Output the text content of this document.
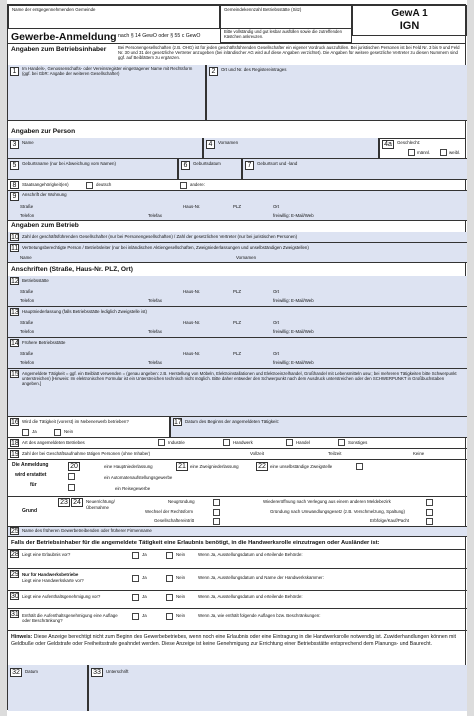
Name der entgegennehmenden Gemeinde	Gemeindekennzahl Betriebsstätte (Sitz)	GewA 1
IGN
Gewerbe-Anmeldung nach § 14 GewO oder § 55 c GewO
Bitte vollständig und gut lesbar ausfüllen sowie die zutreffenden Kästchen ankreuzen.
Angaben zum Betriebsinhaber	Bei Personengesellschaften (z.B. OHG) ist für jeden geschäftsführenden Gesellschafter ein eigener Vordruck auszufüllen. Bei juristischen Personen ist bei Feld Nr. 3 bis 9 und Feld Nr. 30 und 31 der gesetzliche Vertreter anzugeben (bei inländischer AG wird auf diese Angaben verzichtet). Die Angaben für weitere gesetzliche Vertreter zu diesen Nummern sind ggf. auf Beiblättern zu ergänzen.
1	Im Handels-, Genossenschafts- oder Vereinsregister eingetragener Name mit Rechtsform (ggf. bei GbR: Angabe der weiteren Gesellschafter)	2	Ort und Nr. des Registereintrages
Angaben zur Person
3	Name	4	Vornamen	4a	Geschlecht:
männl.	weibl.
5	Geburtsname (nur bei Abweichung vom Namen)	6	Geburtsdatum	7	Geburtsort und -land
8	Staatsangehörigkeit(en)	deutsch	andere:
9	Anschrift der Wohnung
Straße	Haus-Nr.	PLZ	Ort
Telefon	Telefax	freiwillig: E-Mail/Web
Angaben zum Betrieb
10 Zahl der geschäftsführenden Gesellschafter (nur bei Personengesellschaften) / Zahl der gesetzlichen Vertreter (nur bei juristischen Personen)
11 Vertretungsberechtigte Person / Betriebsleiter (nur bei inländischen Aktiengesellschaften, Zweigniederlassungen und unselbständigen Zweigstellen)
Name	Vornamen
Anschriften (Straße, Haus-Nr. PLZ, Ort)
12 Betriebsstätte
Straße	Haus-Nr.	PLZ	Ort
Telefon	Telefax	freiwillig: E-Mail/Web
13 Hauptniederlassung (falls Betriebsstätte lediglich Zweigstelle ist)
Straße	Haus-Nr.	PLZ	Ort
Telefon	Telefax	freiwillig: E-Mail/Web
14 Frühere Betriebsstätte
Straße	Haus-Nr.	PLZ	Ort
Telefon	Telefax	freiwillig: E-Mail/Web
15 Angemeldete Tätigkeit = ggf. ein Beiblatt verwenden = (genau angeben: z.B. Herstellung von Möbeln, Elektroinstallationen und Elektroeinzelhandel, Großhandel mit Lebensmitteln usw.; bei mehreren Tätigkeiten bitte Schwerpunkt unterstreichen) [Hinweis: Im elektronischen Formular ist ein Unterstreichen technisch nicht möglich. Bitte daher entweder den Schwerpunkt nach dem Ausdruck unterstreichen oder den SCHWERPUNKT in Großbuchstaben angeben.]
16 Wird die Tätigkeit (vorerst) im Nebenerwerb betrieben?
Ja	Nein
17 Datum des Beginns der angemeldeten Tätigkeit:
18 Art des angemeldeten Betriebes	Industrie	Handwerk	Handel	Sonstiges
19 Zahl der bei Geschäftsaufnahme tätigen Personen (ohne Inhaber)	Vollzeit	Teilzeit	Keine
Die Anmeldung
wird erstattet
für
20	eine Hauptniederlassung
ein Automatenaufstellungsgewerbe
ein Reisegewerbe
21 eine Zweigniederlassung	22 eine unselbständige Zweigstelle
Grund
23 24	Neuerrichtung/
Übernahme
Neugründung
Wechsel der Rechtsform
Gesellschaftereintritt
Wiedereröffnung nach Verlegung aus einem anderen Meldebezirk
Gründung nach Umwandlungsgesetz (z.B. Verschmelzung, Spaltung)
Erbfolge/Kauf/Pacht
25 Name des früheren Gewerbetreibenden oder früherer Firmenname
Falls der Betriebsinhaber für die angemeldete Tätigkeit eine Erlaubnis benötigt, in die Handwerksrolle einzutragen oder Ausländer ist:
28 Liegt eine Erlaubnis vor?	Ja	Nein	Wenn Ja, Ausstellungsdatum und erteilende Behörde:
29 Nur für Handwerksbetriebe
Liegt eine Handwerkskarte vor?
Ja	Nein	Wenn Ja, Ausstellungsdatum und Name der Handwerkskammer:
30 Liegt eine Aufenthaltsgenehmigung vor?	Ja	Nein	Wenn Ja, Ausstellungsdatum und erteilende Behörde:
31 Enthält die Aufenthaltsgenehmigung eine Auflage oder Beschränkung?
Ja	Nein	Wenn Ja, wie enthält folgende Auflagen bzw. Beschränkungen:
Hinweis: Diese Anzeige berechtigt nicht zum Beginn des Gewerbebetriebes, wenn noch eine Erlaubnis oder eine Eintragung in die Handwerksrolle notwendig ist. Zuwiderhandlungen können mit Geldbuße oder Geldstrafe oder Freiheitsstrafe geahndet werden. Diese Anzeige ist keine Genehmigung zur Errichtung einer Betriebsstätte entsprechend dem Planungs- und Baurecht.
32	Datum	33	Unterschrift
